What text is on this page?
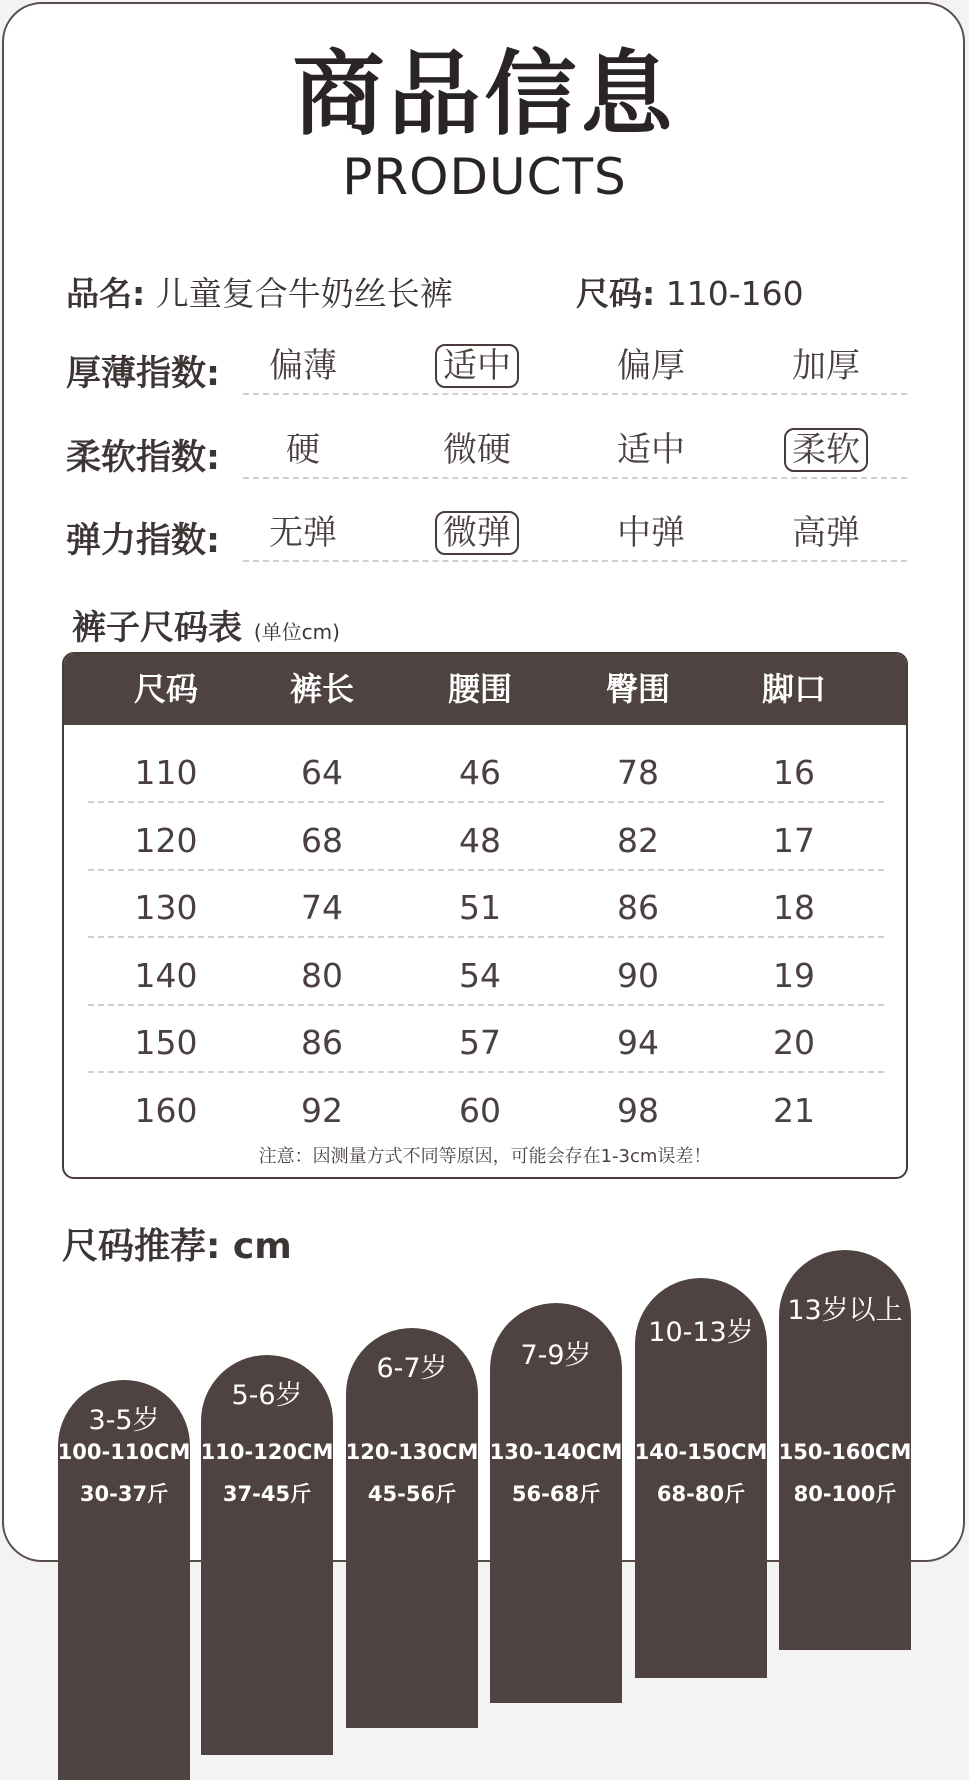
商品信息
PRODUCTS
品名: 儿童复合牛奶丝长裤	尺码: 110-160
厚薄指数:	偏薄	适中	偏厚	加厚
柔软指数:	硬	微硬	适中	柔软
弹力指数:	无弹	微弹	中弹	高弹
裤子尺码表 (单位cm)
尺码	裤长	腰围	臀围	脚口
110	64	46	78	16
120	68	48	82	17
130	74	51	86	18
140	80	54	90	19
150	86	57	94	20
160	92	60	98	21
注意：因测量方式不同等原因，可能会存在1-3cm误差！
尺码推荐: cm
3-5岁
100-110CM
30-37斤
5-6岁
110-120CM
37-45斤
6-7岁
120-130CM
45-56斤
7-9岁
130-140CM
56-68斤
10-13岁
140-150CM
68-80斤
13岁以上
150-160CM
80-100斤
